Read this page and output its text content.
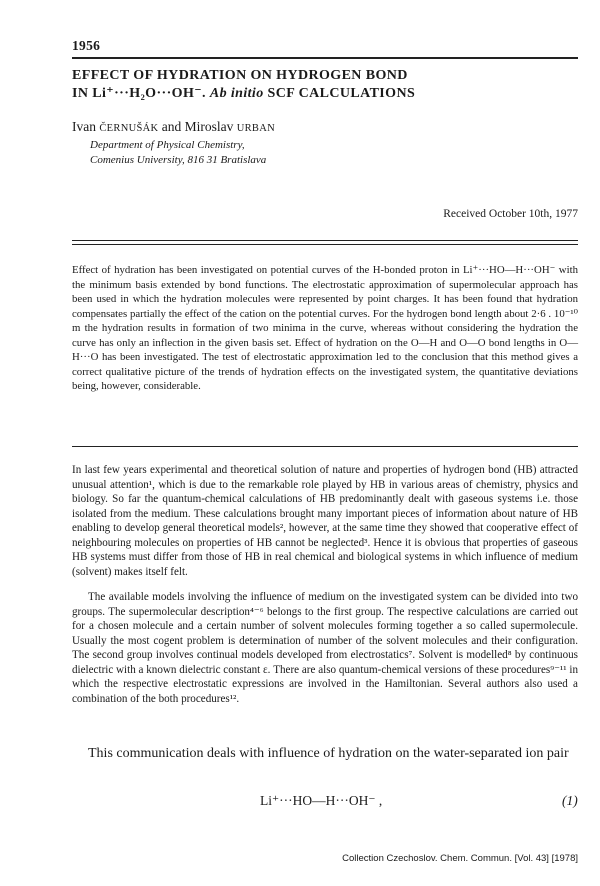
1956
EFFECT OF HYDRATION ON HYDROGEN BOND
IN Li⁺···H₂O···OH⁻. Ab initio SCF CALCULATIONS
Ivan ČERNUŠÁK and Miroslav URBAN
Department of Physical Chemistry,
Comenius University, 816 31 Bratislava
Received October 10th, 1977

Effect of hydration has been investigated on potential curves of the H-bonded proton in Li⁺···HO—H···OH⁻ with the minimum basis extended by bond functions. The electrostatic approximation of supermolecular approach has been used in which the hydration molecules were represented by point charges. It has been found that hydration compensates partially the effect of the cation on the potential curves. For the hydrogen bond length about 2·6 . 10⁻¹⁰ m the hydration results in formation of two minima in the curve, whereas without considering the hydration the curve has only an inflection in the given basis set. Effect of hydration on the O—H and O—O bond lengths in O—H···O has been investigated. The test of electrostatic approximation led to the conclusion that this method gives a correct qualitative picture of the trends of hydration effects on the investigated system, the quantitative deviations being, however, considerable.

In last few years experimental and theoretical solution of nature and properties of hydrogen bond (HB) attracted unusual attention¹, which is due to the remarkable role played by HB in various areas of chemistry, physics and biology. So far the quantum-chemical calculations of HB predominantly dealt with gaseous systems i.e. those isolated from the medium. These calculations brought many important pieces of information about nature of HB enabling to develop general theoretical models², however, at the same time they showed that cooperative effect of neighbouring molecules on properties of HB cannot be neglected³. Hence it is obvious that properties of gaseous HB systems must differ from those of HB in real chemical and biological systems in which influence of medium (solvent) makes itself felt.

The available models involving the influence of medium on the investigated system can be divided into two groups. The supermolecular description⁴⁻⁶ belongs to the first group. The respective calculations are carried out for a chosen molecule and a certain number of solvent molecules forming together a so called supermolecule. Usually the most cogent problem is determination of number of the solvent molecules and their configuration. The second group involves continual models developed from electrostatics⁷. Solvent is modelled⁸ by continuous dielectric with a known dielectric constant ε. There are also quantum-chemical versions of these procedures⁹⁻¹¹ in which the respective electrostatic expressions are involved in the Hamiltonian. Several authors also used a combination of the both procedures¹².

This communication deals with influence of hydration on the water-separated ion pair

Li⁺···HO—H···OH⁻ ,	(1)
Collection Czechoslov. Chem. Commun. [Vol. 43] [1978]
